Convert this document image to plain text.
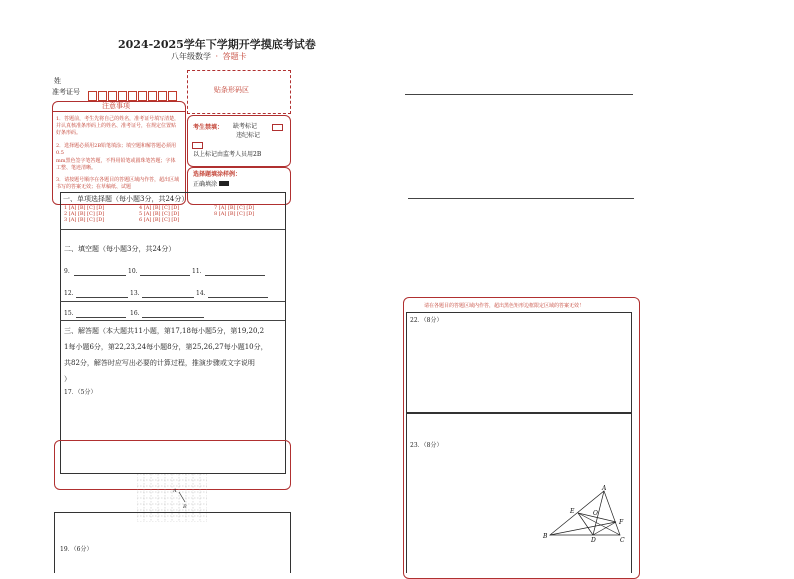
2024-2025学年下学期开学摸底考试卷
八年级数学 · 答题卡
姓
准考证号	贴条形码区
注意事项
1．答题前，考生先将自己的姓名，准考证号填写清楚，并认真核准条形码上的姓名、准考证号，在规定位置贴好条形码。
2．选择题必须用2B铅笔填涂；填空题和解答题必须用0.5
mm黑色签字笔答题，不得用铅笔或圆珠笔答题；字体工整、笔迹清晰。
3．请按题号顺序在各题目的答题区域内作答，超出区域书写的答案无效；在草稿纸、试题
考生禁填： 缺考标记
违纪标记
以上标记由监考人员用2B
选择题填涂样例：
正确填涂
一、单项选择题（每小题3分，共24分）
1 [A] [B] [C] [D]	4 [A] [B] [C] [D]	7 [A] [B] [C] [D]
2 [A] [B] [C] [D]	5 [A] [B] [C] [D]	8 [A] [B] [C] [D]
3 [A] [B] [C] [D]	6 [A] [B] [C] [D]
二、填空题（每小题3分，共24分）
9.	10.	11.
12.	13.	14.
15.	16.
三、解答题（本大题共11小题，第17,18每小题5分，第19,20,2
1每小题6分，第22,23,24每小题8分，第25,26,27每小题10分，
共82分，解答时应写出必要的计算过程，推演步骤或文字说明
）
17．（5分）
A
B
19．（6分）
请在各题目的答题区域内作答，超出黑色矩形边框限定区域的答案无效！
22．（8分）
23．（8分）
A
E	O
F
B
D	C
